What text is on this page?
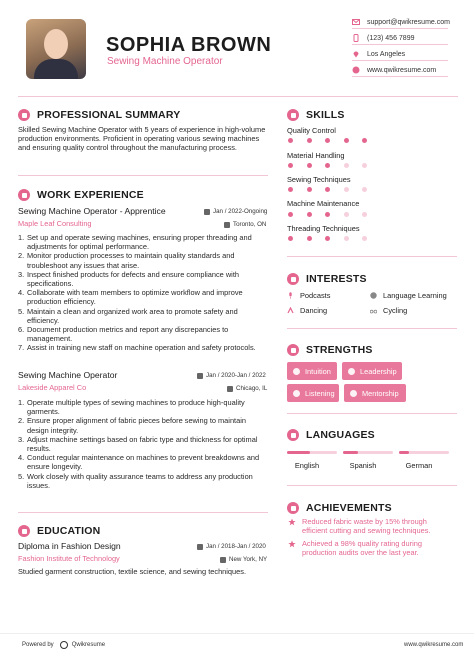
SOPHIA BROWN
Sewing Machine Operator
support@qwikresume.com
(123) 456 7899
Los Angeles
www.qwikresume.com
PROFESSIONAL SUMMARY
Skilled Sewing Machine Operator with 5 years of experience in high-volume production environments. Proficient in operating various sewing machines and ensuring quality control throughout the manufacturing process.
WORK EXPERIENCE
Sewing Machine Operator - Apprentice	Jan / 2022-Ongoing
Maple Leaf Consulting	Toronto, ON
1. Set up and operate sewing machines, ensuring proper threading and adjustments for optimal performance.
2. Monitor production processes to maintain quality standards and troubleshoot any issues that arise.
3. Inspect finished products for defects and ensure compliance with specifications.
4. Collaborate with team members to optimize workflow and improve production efficiency.
5. Maintain a clean and organized work area to promote safety and efficiency.
6. Document production metrics and report any discrepancies to management.
7. Assist in training new staff on machine operation and safety protocols.
Sewing Machine Operator	Jan / 2020-Jan / 2022
Lakeside Apparel Co	Chicago, IL
1. Operate multiple types of sewing machines to produce high-quality garments.
2. Ensure proper alignment of fabric pieces before sewing to maintain design integrity.
3. Adjust machine settings based on fabric type and thickness for optimal results.
4. Conduct regular maintenance on machines to prevent breakdowns and ensure longevity.
5. Work closely with quality assurance teams to address any production issues.
EDUCATION
Diploma in Fashion Design	Jan / 2018-Jan / 2020
Fashion Institute of Technology	New York, NY
Studied garment construction, textile science, and sewing techniques.
SKILLS
Quality Control
Material Handling
Sewing Techniques
Machine Maintenance
Threading Techniques
INTERESTS
Podcasts	Language Learning
Dancing	Cycling
STRENGTHS
Intuition	Leadership
Listening	Mentorship
LANGUAGES
English	Spanish	German
ACHIEVEMENTS
Reduced fabric waste by 15% through efficient cutting and sewing techniques.
Achieved a 98% quality rating during production audits over the last year.
Powered by	Qwikresume	www.qwikresume.com
